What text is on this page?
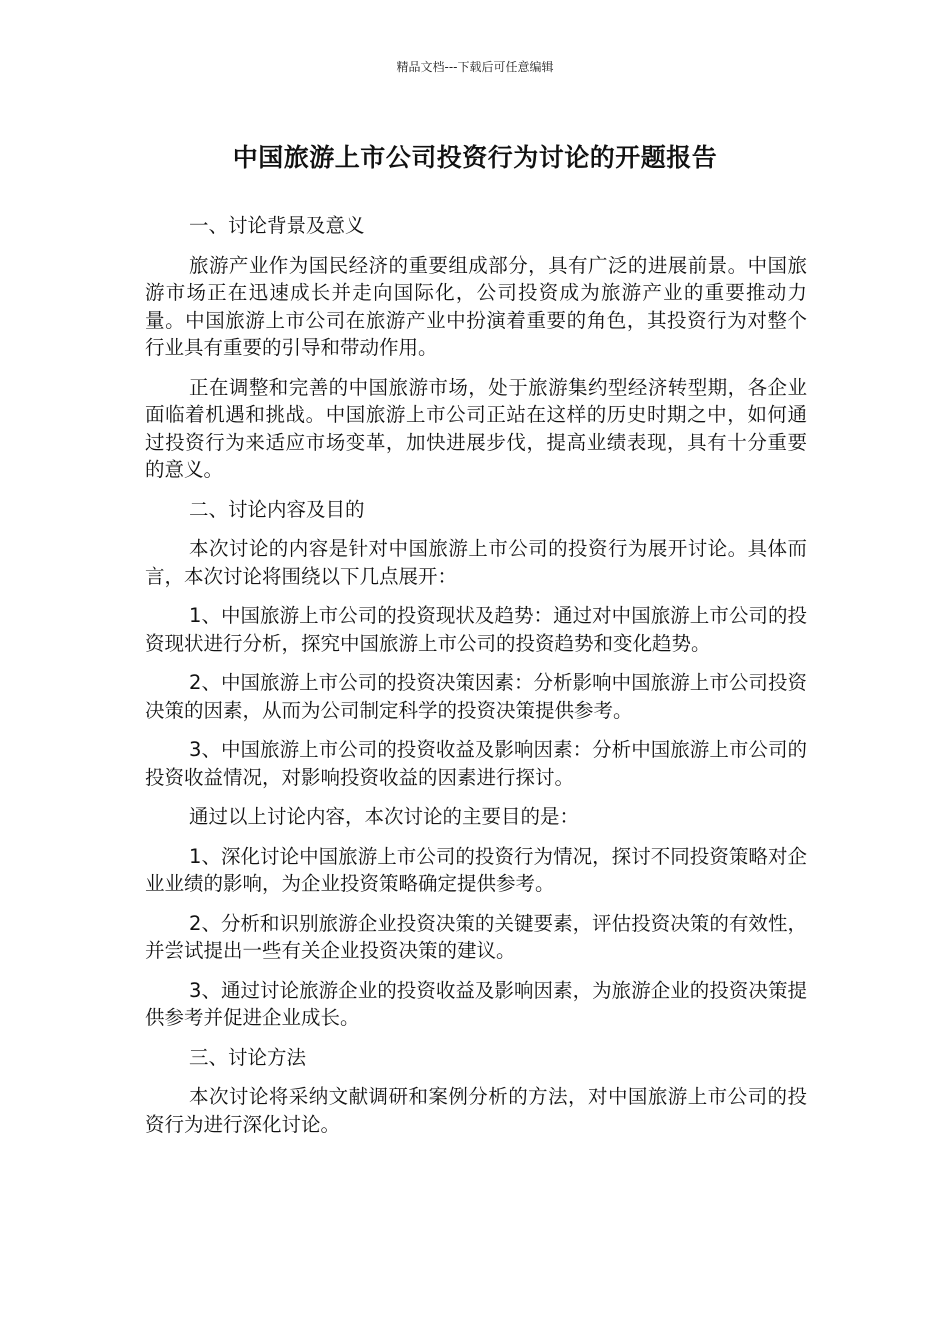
精品文档---下载后可任意编辑
中国旅游上市公司投资行为讨论的开题报告

一、讨论背景及意义

旅游产业作为国民经济的重要组成部分，具有广泛的进展前景。中国旅游市场正在迅速成长并走向国际化，公司投资成为旅游产业的重要推动力量。中国旅游上市公司在旅游产业中扮演着重要的角色，其投资行为对整个行业具有重要的引导和带动作用。

正在调整和完善的中国旅游市场，处于旅游集约型经济转型期，各企业面临着机遇和挑战。中国旅游上市公司正站在这样的历史时期之中，如何通过投资行为来适应市场变革，加快进展步伐，提高业绩表现，具有十分重要的意义。

二、讨论内容及目的

本次讨论的内容是针对中国旅游上市公司的投资行为展开讨论。具体而言，本次讨论将围绕以下几点展开：

1、中国旅游上市公司的投资现状及趋势：通过对中国旅游上市公司的投资现状进行分析，探究中国旅游上市公司的投资趋势和变化趋势。

2、中国旅游上市公司的投资决策因素：分析影响中国旅游上市公司投资决策的因素，从而为公司制定科学的投资决策提供参考。

3、中国旅游上市公司的投资收益及影响因素：分析中国旅游上市公司的投资收益情况，对影响投资收益的因素进行探讨。

通过以上讨论内容，本次讨论的主要目的是：

1、深化讨论中国旅游上市公司的投资行为情况，探讨不同投资策略对企业业绩的影响，为企业投资策略确定提供参考。

2、分析和识别旅游企业投资决策的关键要素，评估投资决策的有效性，并尝试提出一些有关企业投资决策的建议。

3、通过讨论旅游企业的投资收益及影响因素，为旅游企业的投资决策提供参考并促进企业成长。

三、讨论方法

本次讨论将采纳文献调研和案例分析的方法，对中国旅游上市公司的投资行为进行深化讨论。
